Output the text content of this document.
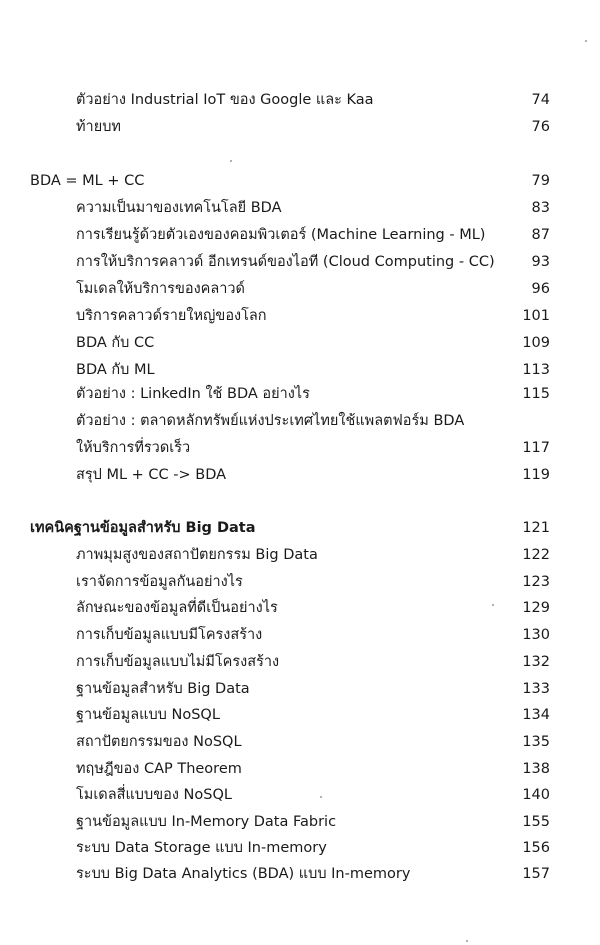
ตัวอย่าง Industrial IoT ของ Google และ Kaa	74
ท้ายบท	76
BDA = ML + CC	79
ความเป็นมาของเทคโนโลยี BDA	83
การเรียนรู้ด้วยตัวเองของคอมพิวเตอร์ (Machine Learning - ML)	87
การให้บริการคลาวด์ อีกเทรนด์ของไอที (Cloud Computing - CC)	93
โมเดลให้บริการของคลาวด์	96
บริการคลาวด์รายใหญ่ของโลก	101
BDA กับ CC	109
BDA กับ ML	113
ตัวอย่าง : LinkedIn ใช้ BDA อย่างไร	115
ตัวอย่าง : ตลาดหลักทรัพย์แห่งประเทศไทยใช้แพลตฟอร์ม BDA
ให้บริการที่รวดเร็ว	117
สรุป ML + CC -> BDA	119
เทคนิคฐานข้อมูลสำหรับ Big Data	121
ภาพมุมสูงของสถาปัตยกรรม Big Data	122
เราจัดการข้อมูลกันอย่างไร	123
ลักษณะของข้อมูลที่ดีเป็นอย่างไร	129
การเก็บข้อมูลแบบมีโครงสร้าง	130
การเก็บข้อมูลแบบไม่มีโครงสร้าง	132
ฐานข้อมูลสำหรับ Big Data	133
ฐานข้อมูลแบบ NoSQL	134
สถาปัตยกรรมของ NoSQL	135
ทฤษฎีของ CAP Theorem	138
โมเดลสี่แบบของ NoSQL	140
ฐานข้อมูลแบบ In-Memory Data Fabric	155
ระบบ Data Storage แบบ In-memory	156
ระบบ Big Data Analytics (BDA) แบบ In-memory	157
